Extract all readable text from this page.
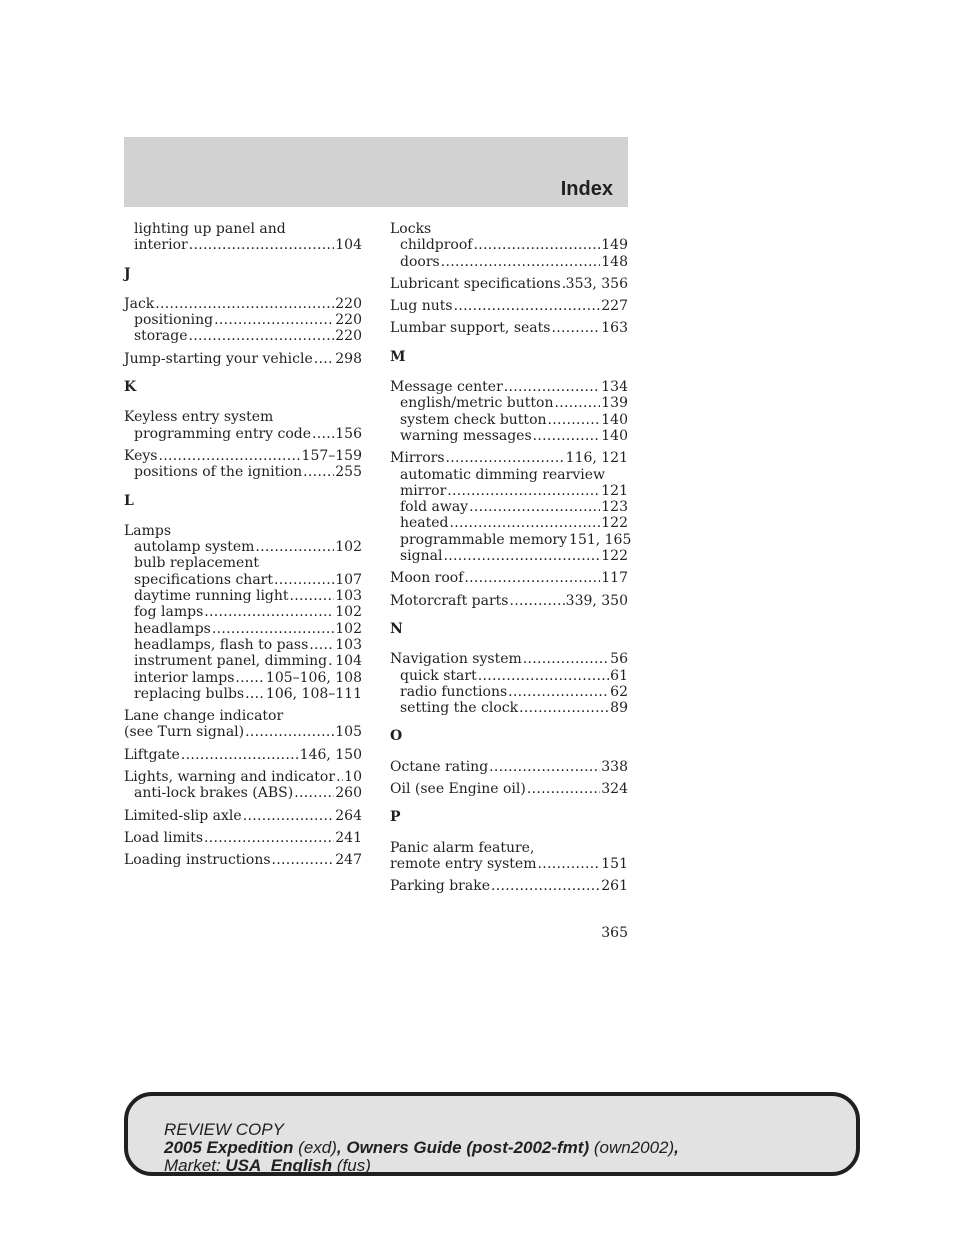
Index
lighting up panel and
interior .....	104
J
Jack .....	220
positioning .....	220
storage .....	220
Jump-starting your vehicle ..... 298
K
Keyless entry system
programming entry code ..... 156
Keys .....	157–159
positions of the ignition ..... 255
L
Lamps
autolamp system .....	102
bulb replacement
specifications chart .....	107
daytime running light .....	103
fog lamps .....	102
headlamps .....	102
headlamps, flash to pass ..... 103
instrument panel, dimming ..... 104
interior lamps ..... 105–106, 108
replacing bulbs ..... 106, 108–111
Lane change indicator
(see Turn signal) .....	105
Liftgate .....	146, 150
Lights, warning and indicator ..... 10
anti-lock brakes (ABS) .....	260
Limited-slip axle .....	264
Load limits .....	241
Loading instructions .....	247
Locks
childproof .....	149
doors .....	148
Lubricant specifications ..... 353, 356
Lug nuts .....	227
Lumbar support, seats .....	163
M
Message center .....	134
english/metric button .....	139
system check button .....	140
warning messages .....	140
Mirrors .....	116, 121
automatic dimming rearview
mirror .....	121
fold away .....	123
heated .....	122
programmable memory 151, 165
signal .....	122
Moon roof .....	117
Motorcraft parts .....	339, 350
N
Navigation system .....	56
quick start .....	61
radio functions .....	62
setting the clock .....	89
O
Octane rating .....	338
Oil (see Engine oil) .....	324
P
Panic alarm feature,
remote entry system .....	151
Parking brake .....	261
365
REVIEW COPY
2005 Expedition (exd), Owners Guide (post-2002-fmt) (own2002),
Market: USA_English (fus)
